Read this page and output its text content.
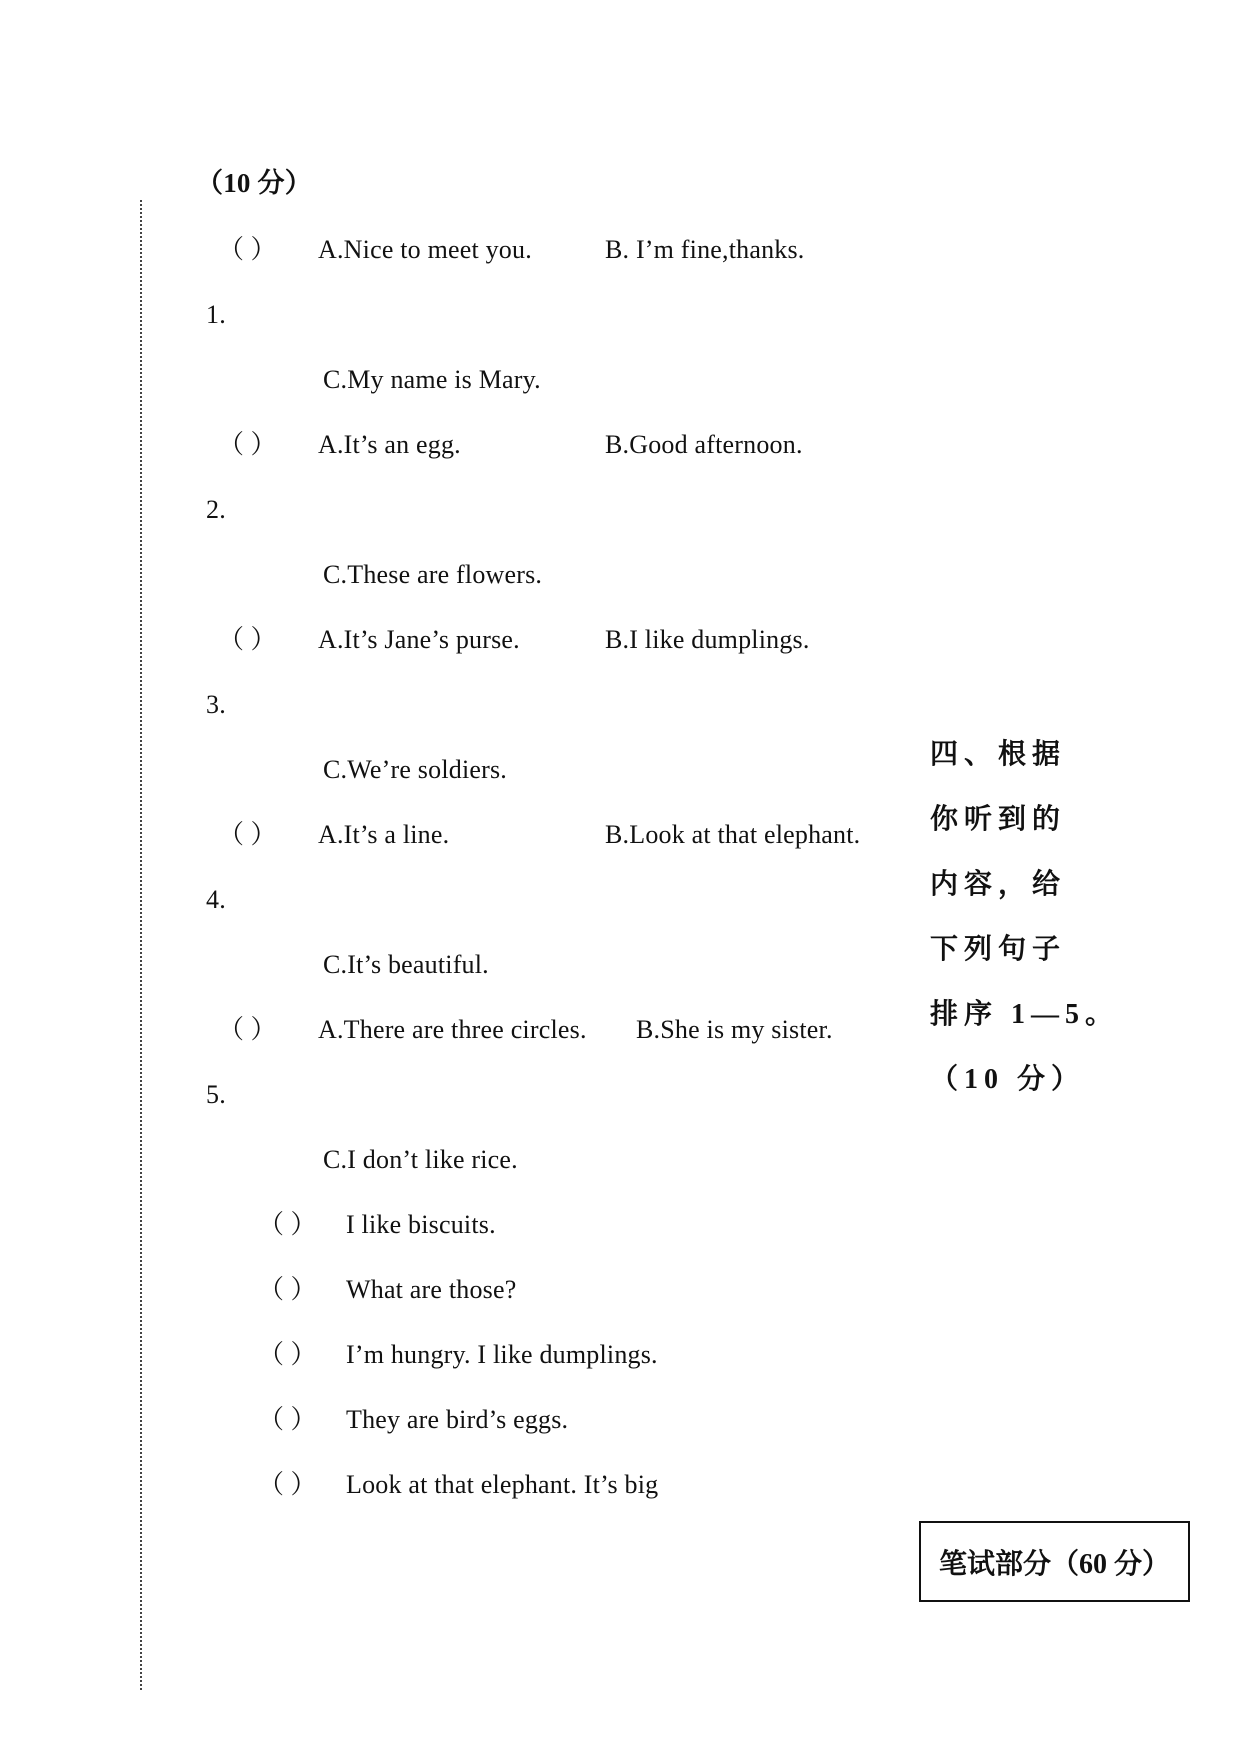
（10 分）
（ ） A.Nice to meet you.	B. I’m fine,thanks.
1.
C.My name is Mary.
（ ） A.It’s an egg.	B.Good afternoon.
2.
C.These are flowers.
（ ） A.It’s Jane’s purse.	B.I like dumplings.
3.
C.We’re soldiers.
（ ） A.It’s a line.	B.Look at that elephant.
4.
C.It’s beautiful.
（ ） A.There are three circles. B.She is my sister.
5.
C.I don’t like rice.
四、根据
你听到的
内容，给
下列句子
排序 1—5。
（10 分）
（ ） I like biscuits.
（ ） What are those?
（ ） I’m hungry. I like dumplings.
（ ） They are bird’s eggs.
（ ） Look at that elephant. It’s big
笔试部分（60 分）
